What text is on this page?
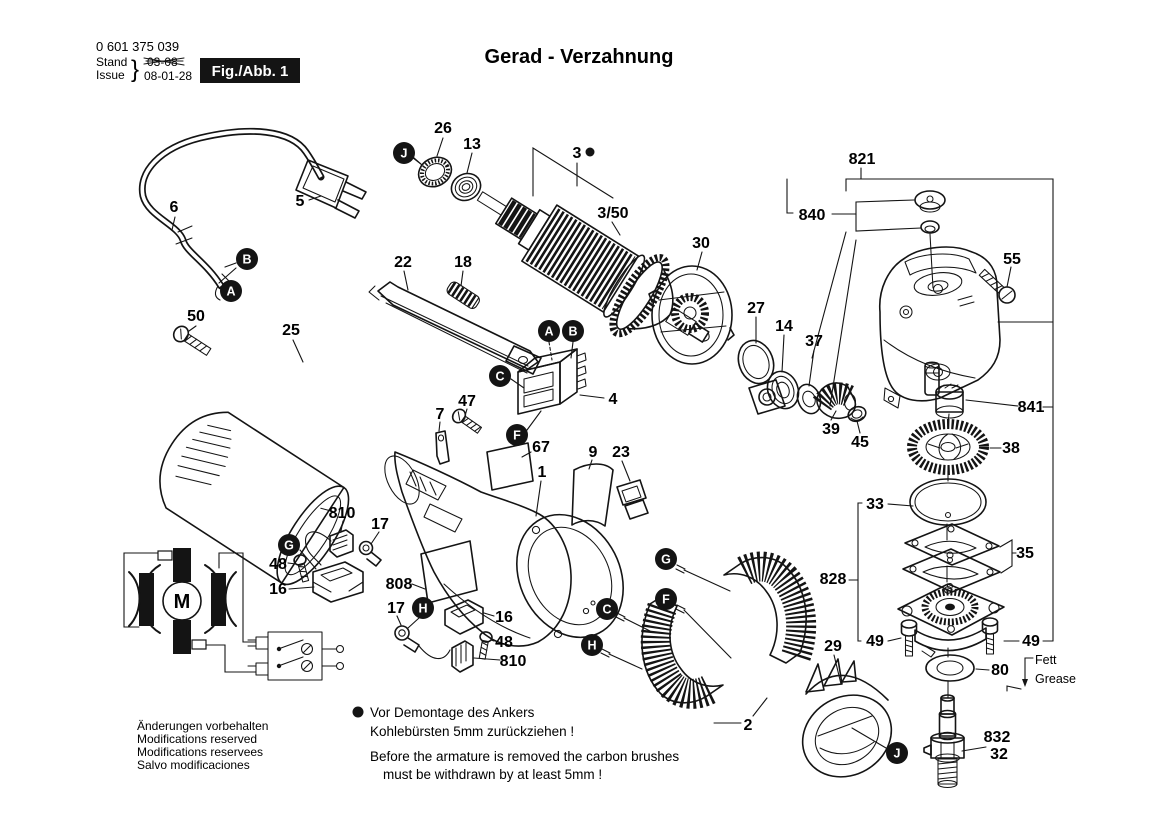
0 601 375 039
Stand
Issue } 03-08
08-01-28 Fig./Abb. 1
Gerad - Verzahnung
Fett
Grease
M
6	5
50
25
26
13
3
3/50
22	18
30
27
14
37
39
45
821
840
55
841
38
33
35
828
49	49
80
832
32
29
4
47
7
67
1
9 23
810
17
48
16	808
17
16
48
810
2
J
B
A
A B
C
F
G
H
G
F
C
H
J
Vor Demontage des Ankers
Kohlebürsten 5mm zurückziehen !
Before the armature is removed the carbon brushes
must be withdrawn by at least 5mm !
Änderungen vorbehalten
Modifications reserved
Modifications reservees
Salvo modificaciones
